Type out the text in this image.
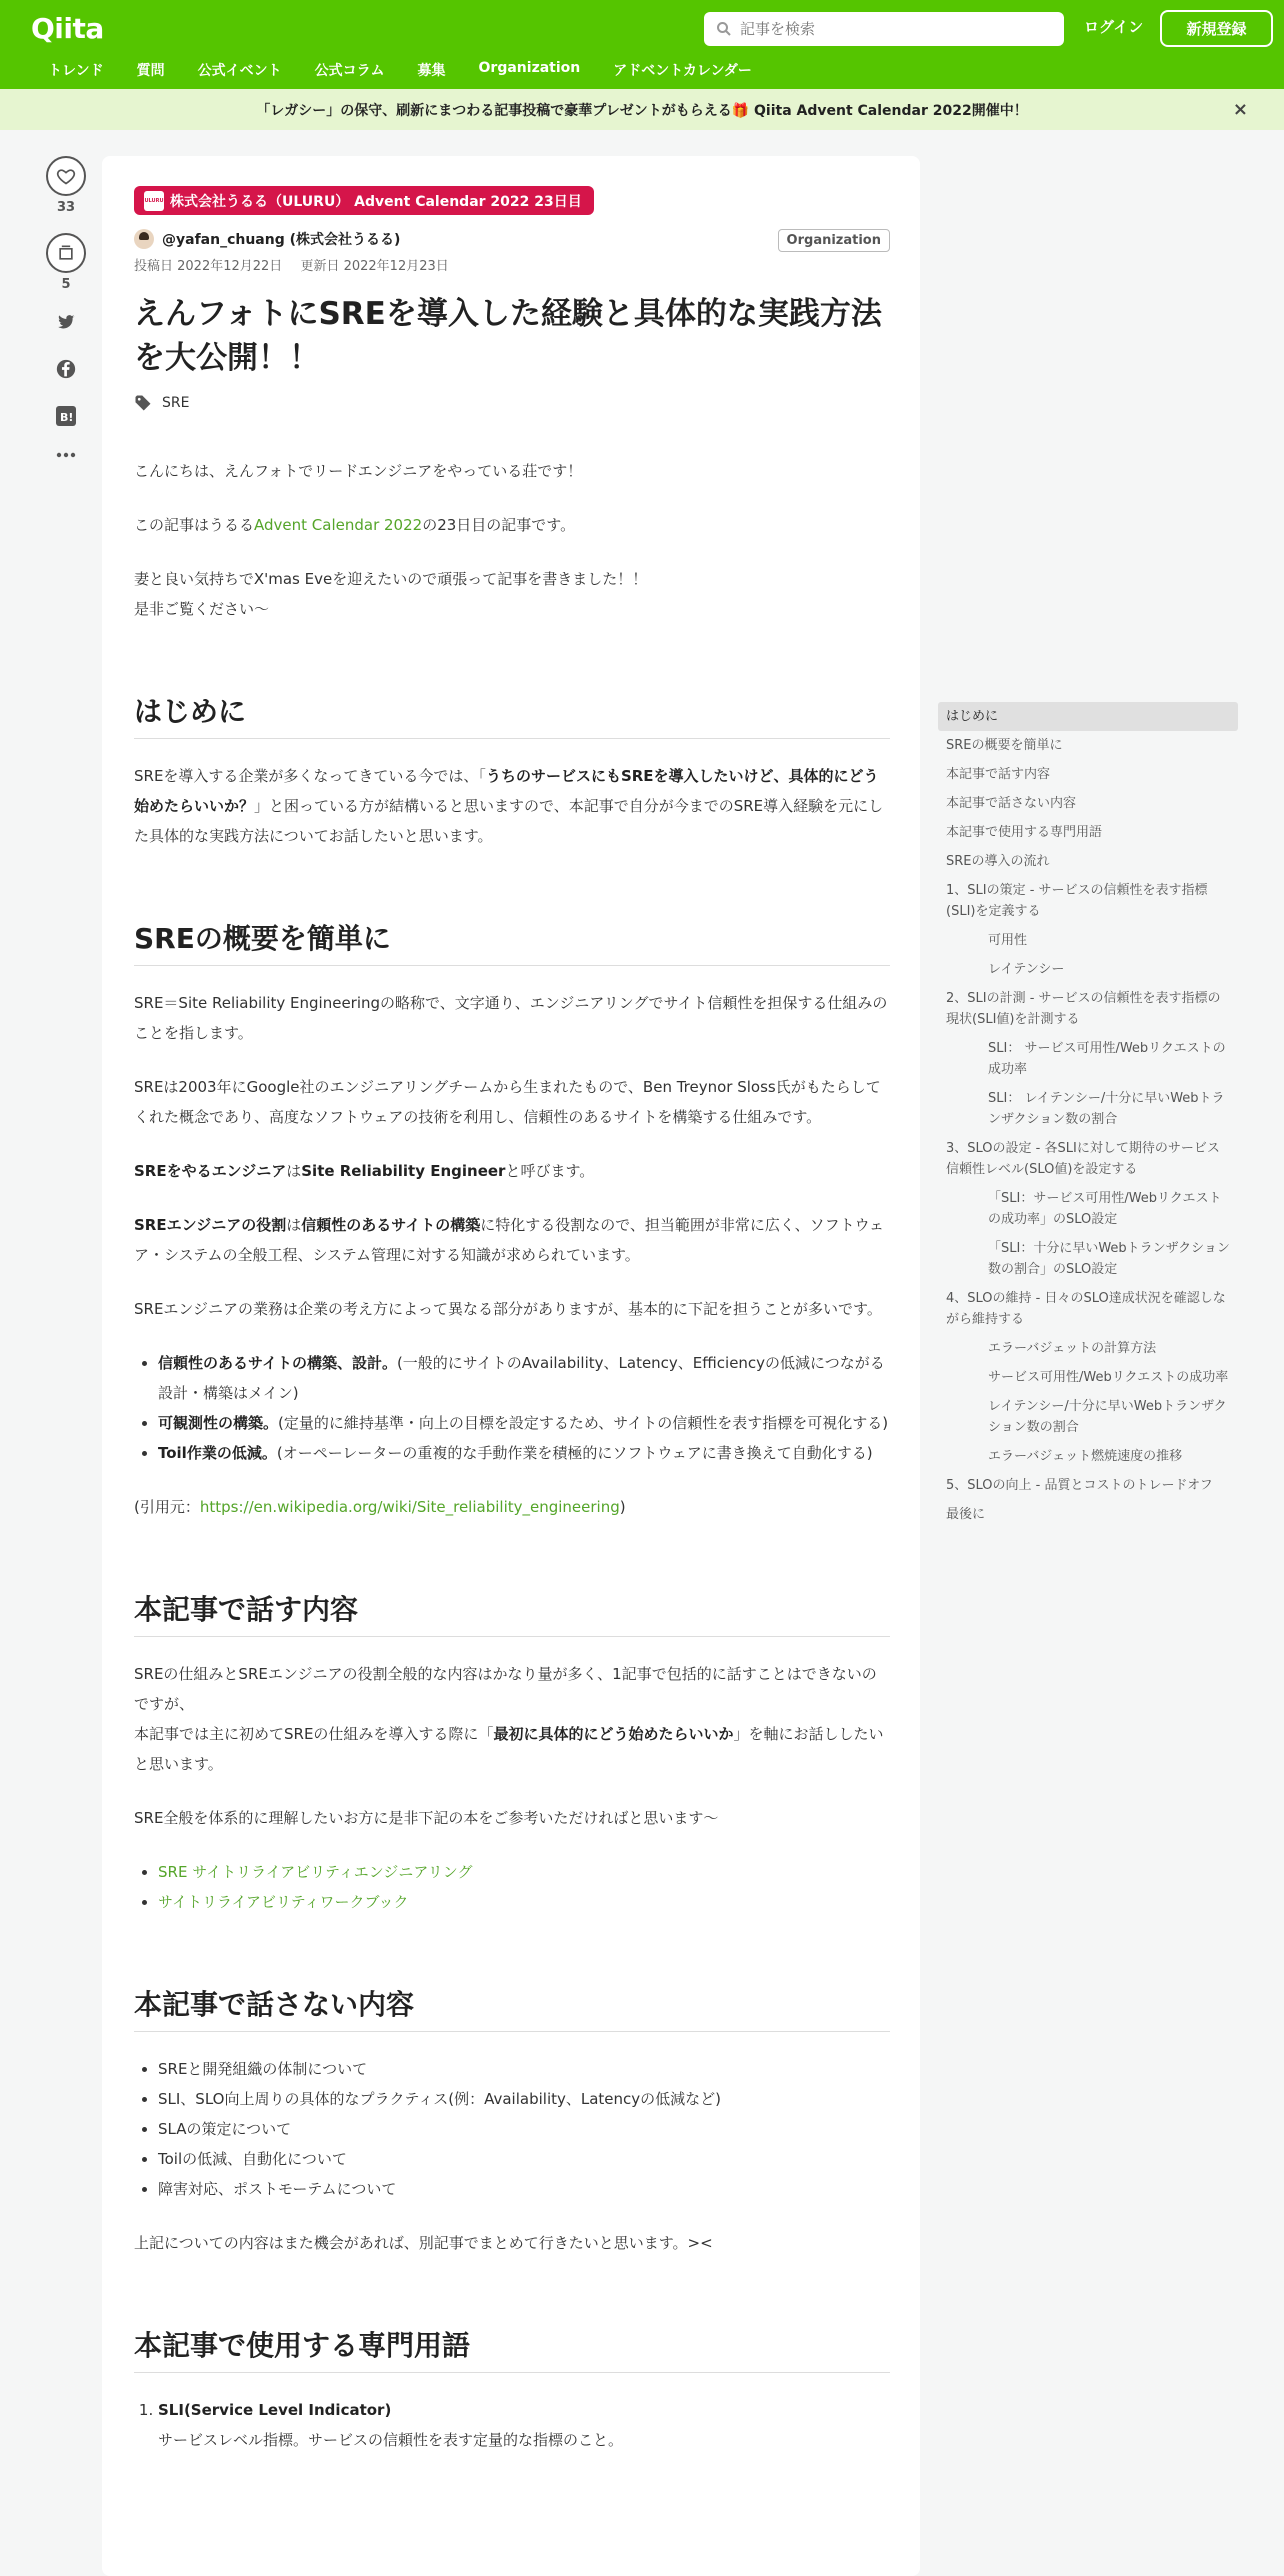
Qiita
記事を検索	ログイン	新規登録
トレンド 質問 公式イベント 公式コラム 募集 Organization アドベントカレンダー
「レガシー」の保守、刷新にまつわる記事投稿で豪華プレゼントがもらえる🎁 Qiita Advent Calendar 2022開催中！	×
33
5
B!
ULURU 株式会社うるる（ULURU） Advent Calendar 2022 23日目
@yafan_chuang (株式会社うるる)	Organization
投稿日 2022年12月22日 更新日 2022年12月23日
えんフォトにSREを導入した経験と具体的な実践方法を大公開！！
SRE

こんにちは、えんフォトでリードエンジニアをやっている荘です！

この記事はうるるAdvent Calendar 2022の23日目の記事です。

妻と良い気持ちでX'mas Eveを迎えたいので頑張って記事を書きました！！
是非ご覧ください〜

はじめに

SREを導入する企業が多くなってきている今では、「うちのサービスにもSREを導入したいけど、具体的にどう始めたらいいか？」と困っている方が結構いると思いますので、本記事で自分が今までのSRE導入経験を元にした具体的な実践方法についてお話したいと思います。

SREの概要を簡単に

SRE＝Site Reliability Engineeringの略称で、文字通り、エンジニアリングでサイト信頼性を担保する仕組みのことを指します。

SREは2003年にGoogle社のエンジニアリングチームから生まれたもので、Ben Treynor Sloss氏がもたらしてくれた概念であり、高度なソフトウェアの技術を利用し、信頼性のあるサイトを構築する仕組みです。

SREをやるエンジニアはSite Reliability Engineerと呼びます。

SREエンジニアの役割は信頼性のあるサイトの構築に特化する役割なので、担当範囲が非常に広く、ソフトウェア・システムの全般工程、システム管理に対する知識が求められています。

SREエンジニアの業務は企業の考え方によって異なる部分がありますが、基本的に下記を担うことが多いです。

• 信頼性のあるサイトの構築、設計。(一般的にサイトのAvailability、Latency、Efficiencyの低減につながる設計・構築はメイン)
• 可観測性の構築。(定量的に維持基準・向上の目標を設定するため、サイトの信頼性を表す指標を可視化する)
• Toil作業の低減。(オーペーレーターの重複的な手動作業を積極的にソフトウェアに書き換えて自動化する)

(引用元：https://en.wikipedia.org/wiki/Site_reliability_engineering)

本記事で話す内容

SREの仕組みとSREエンジニアの役割全般的な内容はかなり量が多く、1記事で包括的に話すことはできないのですが、
本記事では主に初めてSREの仕組みを導入する際に「最初に具体的にどう始めたらいいか」を軸にお話ししたいと思います。

SRE全般を体系的に理解したいお方に是非下記の本をご参考いただければと思います〜

• SRE サイトリライアビリティエンジニアリング
• サイトリライアビリティワークブック
本記事で話さない内容
• SREと開発組織の体制について
• SLI、SLO向上周りの具体的なプラクティス(例：Availability、Latencyの低減など)
• SLAの策定について
• Toilの低減、自動化について
• 障害対応、ポストモーテムについて

上記についての内容はまた機会があれば、別記事でまとめて行きたいと思います。><

本記事で使用する専門用語
1. SLI(Service Level Indicator)
サービスレベル指標。サービスの信頼性を表す定量的な指標のこと。
はじめに
SREの概要を簡単に
本記事で話す内容
本記事で話さない内容
本記事で使用する専門用語
SREの導入の流れ
1、SLIの策定 - サービスの信頼性を表す指標(SLI)を定義する
可用性
レイテンシー
2、SLIの計測 - サービスの信頼性を表す指標の現状(SLI値)を計測する
SLI： サービス可用性/Webリクエストの成功率
SLI： レイテンシー/十分に早いWebトランザクション数の割合
3、SLOの設定 - 各SLIに対して期待のサービス信頼性レベル(SLO値)を設定する
「SLI：サービス可用性/Webリクエストの成功率」のSLO設定
「SLI：十分に早いWebトランザクション数の割合」のSLO設定
4、SLOの維持 - 日々のSLO達成状況を確認しながら維持する
エラーバジェットの計算方法
サービス可用性/Webリクエストの成功率
レイテンシー/十分に早いWebトランザクション数の割合
エラーバジェット燃焼速度の推移
5、SLOの向上 - 品質とコストのトレードオフ
最後に
